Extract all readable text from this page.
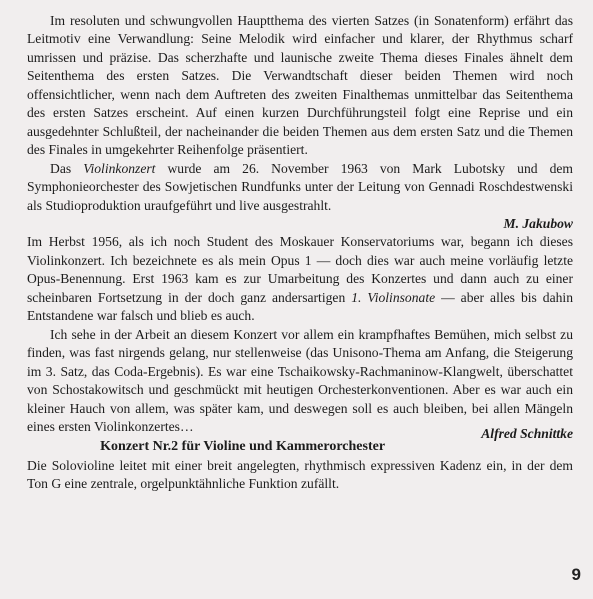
Im resoluten und schwungvollen Hauptthema des vierten Satzes (in Sonatenform) erfährt das Leitmotiv eine Verwandlung: Seine Melodik wird einfacher und klarer, der Rhythmus scharf umrissen und präzise. Das scherzhafte und launische zweite Thema dieses Finales ähnelt dem Seitenthema des ersten Satzes. Die Verwandtschaft dieser beiden Themen wird noch offensichtlicher, wenn nach dem Auftreten des zweiten Finalthemas unmittelbar das Seitenthema des ersten Satzes erscheint. Auf einen kurzen Durchführungsteil folgt eine Reprise und ein ausgedehnter Schlußteil, der nacheinander die beiden Themen aus dem ersten Satz und die Themen des Finales in umgekehrter Reihenfolge präsentiert.

Das Violinkonzert wurde am 26. November 1963 von Mark Lubotsky und dem Symphonieorchester des Sowjetischen Rundfunks unter der Leitung von Gennadi Roschdestwenski als Studioproduktion uraufgeführt und live ausgestrahlt.

M. Jakubow

Im Herbst 1956, als ich noch Student des Moskauer Konservatoriums war, begann ich dieses Violinkonzert. Ich bezeichnete es als mein Opus 1 — doch dies war auch meine vorläufig letzte Opus-Benennung. Erst 1963 kam es zur Umarbeitung des Konzertes und dann auch zu einer scheinbaren Fortsetzung in der doch ganz andersartigen 1. Violinsonate — aber alles bis dahin Entstandene war falsch und blieb es auch.

Ich sehe in der Arbeit an diesem Konzert vor allem ein krampfhaftes Bemühen, mich selbst zu finden, was fast nirgends gelang, nur stellenweise (das Unisono-Thema am Anfang, die Steigerung im 3. Satz, das Coda-Ergebnis). Es war eine Tschaikowsky-Rachmaninow-Klangwelt, überschattet von Schostakowitsch und geschmückt mit heutigen Orchesterkonventionen. Aber es war auch ein kleiner Hauch von allem, was später kam, und deswegen soll es auch bleiben, bei allen Mängeln eines ersten Violinkonzertes…	Alfred Schnittke

Konzert Nr.2 für Violine und Kammerorchester

Die Solovioline leitet mit einer breit angelegten, rhythmisch expressiven Kadenz ein, in der dem Ton G eine zentrale, orgelpunktähnliche Funktion zufällt.

9
